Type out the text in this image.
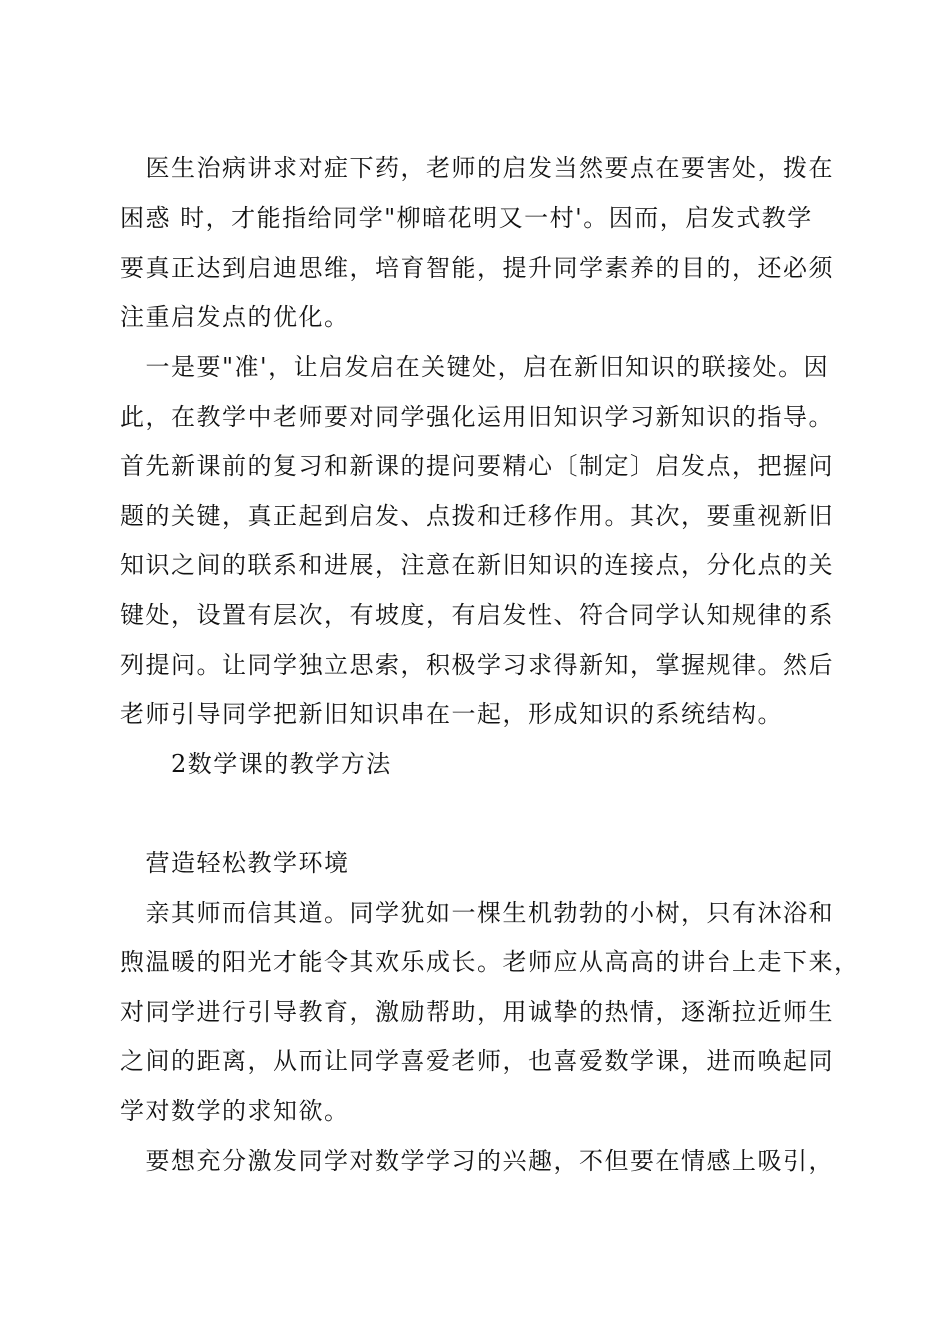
　医生治病讲求对症下药，老师的启发当然要点在要害处，拨在
困惑 时，才能指给同学"柳暗花明又一村'。因而，启发式教学
要真正达到启迪思维，培育智能，提升同学素养的目的，还必须
注重启发点的优化。
　一是要"准'，让启发启在关键处，启在新旧知识的联接处。因
此，在教学中老师要对同学强化运用旧知识学习新知识的指导。
首先新课前的复习和新课的提问要精心〔制定〕启发点，把握问
题的关键，真正起到启发、点拨和迁移作用。其次，要重视新旧
知识之间的联系和进展，注意在新旧知识的连接点，分化点的关
键处，设置有层次，有坡度，有启发性、符合同学认知规律的系
列提问。让同学独立思索，积极学习求得新知，掌握规律。然后
老师引导同学把新旧知识串在一起，形成知识的系统结构。
　　2数学课的教学方法
　营造轻松教学环境
　亲其师而信其道。同学犹如一棵生机勃勃的小树，只有沐浴和
煦温暖的阳光才能令其欢乐成长。老师应从高高的讲台上走下来，
对同学进行引导教育，激励帮助，用诚挚的热情，逐渐拉近师生
之间的距离，从而让同学喜爱老师，也喜爱数学课，进而唤起同
学对数学的求知欲。
　要想充分激发同学对数学学习的兴趣，不但要在情感上吸引，
